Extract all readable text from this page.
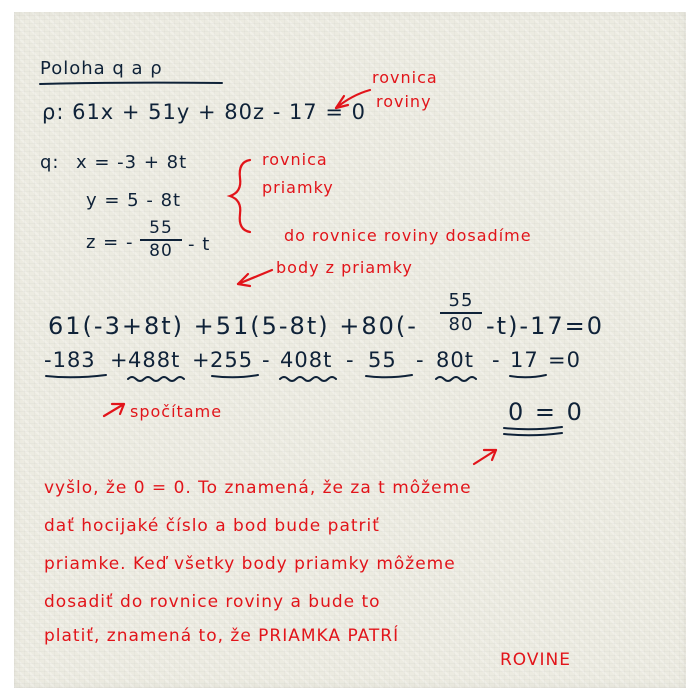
Poloha q a ρ
ρ: 61x + 51y + 80z - 17 = 0
rovnica
roviny
q: x = -3 + 8t
y = 5 - 8t
z = -
55
80 - t
rovnica
priamky
do rovnice roviny dosadíme
body z priamky
61(-3+8t) +51(5-8t) +80(-
55
80 -t)-17=0
-183 + 488t + 255 - 408t - 55 - 80t - 17 =0
spočítame	0 = 0
vyšlo, že 0 = 0. To znamená, že za t môžeme
dať hocijaké číslo a bod bude patriť
priamke. Keď všetky body priamky môžeme
dosadiť do rovnice roviny a bude to
platiť, znamená to, že PRIAMKA PATRÍ
ROVINE
